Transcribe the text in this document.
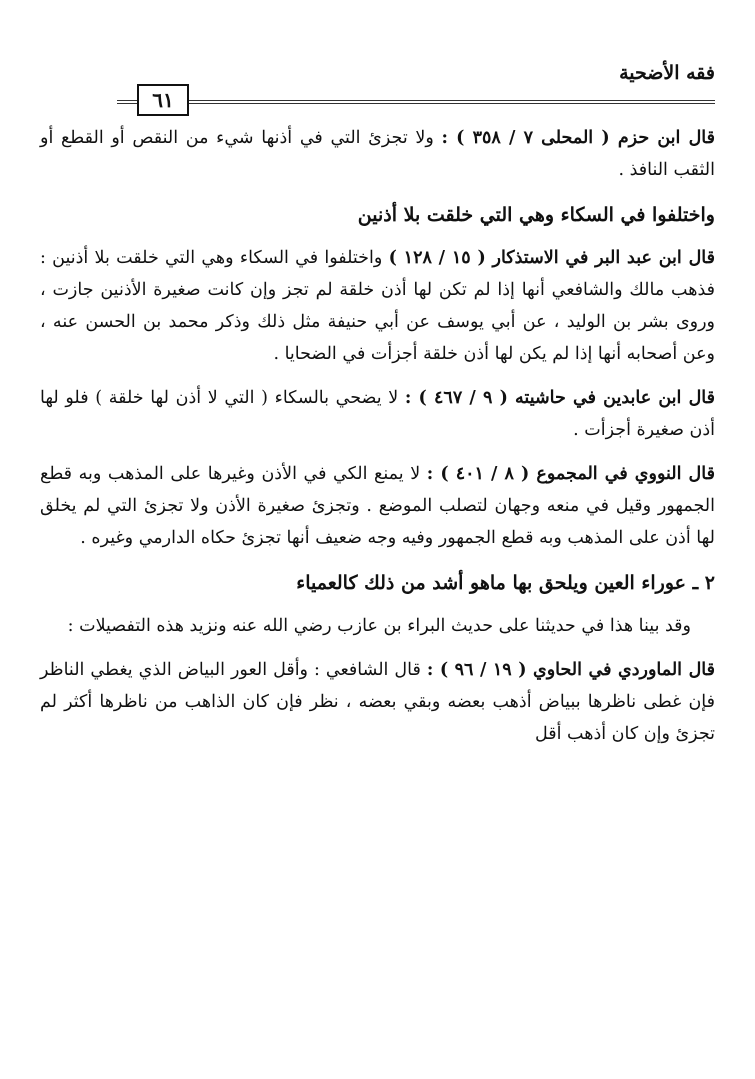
فقه الأضحية
٦١

قال ابن حزم ( المحلى ٧ / ٣٥٨ ) : ولا تجزئ التي في أذنها شيء من النقص أو القطع أو الثقب النافذ .

واختلفوا في السكاء وهي التي خلقت بلا أذنين

قال ابن عبد البر في الاستذكار ( ١٥ / ١٢٨ ) واختلفوا في السكاء وهي التي خلقت بلا أذنين : فذهب مالك والشافعي أنها إذا لم تكن لها أذن خلقة لم تجز وإن كانت صغيرة الأذنين جازت ، وروى بشر بن الوليد ، عن أبي يوسف عن أبي حنيفة مثل ذلك وذكر محمد بن الحسن عنه ، وعن أصحابه أنها إذا لم يكن لها أذن خلقة أجزأت في الضحايا .

قال ابن عابدين في حاشيته ( ٩ / ٤٦٧ ) : لا يضحي بالسكاء ( التي لا أذن لها خلقة ) فلو لها أذن صغيرة أجزأت .

قال النووي في المجموع ( ٨ / ٤٠١ ) : لا يمنع الكي في الأذن وغيرها على المذهب وبه قطع الجمهور وقيل في منعه وجهان لتصلب الموضع . وتجزئ صغيرة الأذن ولا تجزئ التي لم يخلق لها أذن على المذهب وبه قطع الجمهور وفيه وجه ضعيف أنها تجزئ حكاه الدارمي وغيره .

٢ ـ عوراء العين ويلحق بها ماهو أشد من ذلك كالعمياء

وقد بينا هذا في حديثنا على حديث البراء بن عازب رضي الله عنه ونزيد هذه التفصيلات :

قال الماوردي في الحاوي ( ١٩ / ٩٦ ) : قال الشافعي : وأقل العور البياض الذي يغطي الناظر فإن غطى ناظرها ببياض أذهب بعضه وبقي بعضه ، نظر فإن كان الذاهب من ناظرها أكثر لم تجزئ وإن كان أذهب أقل
